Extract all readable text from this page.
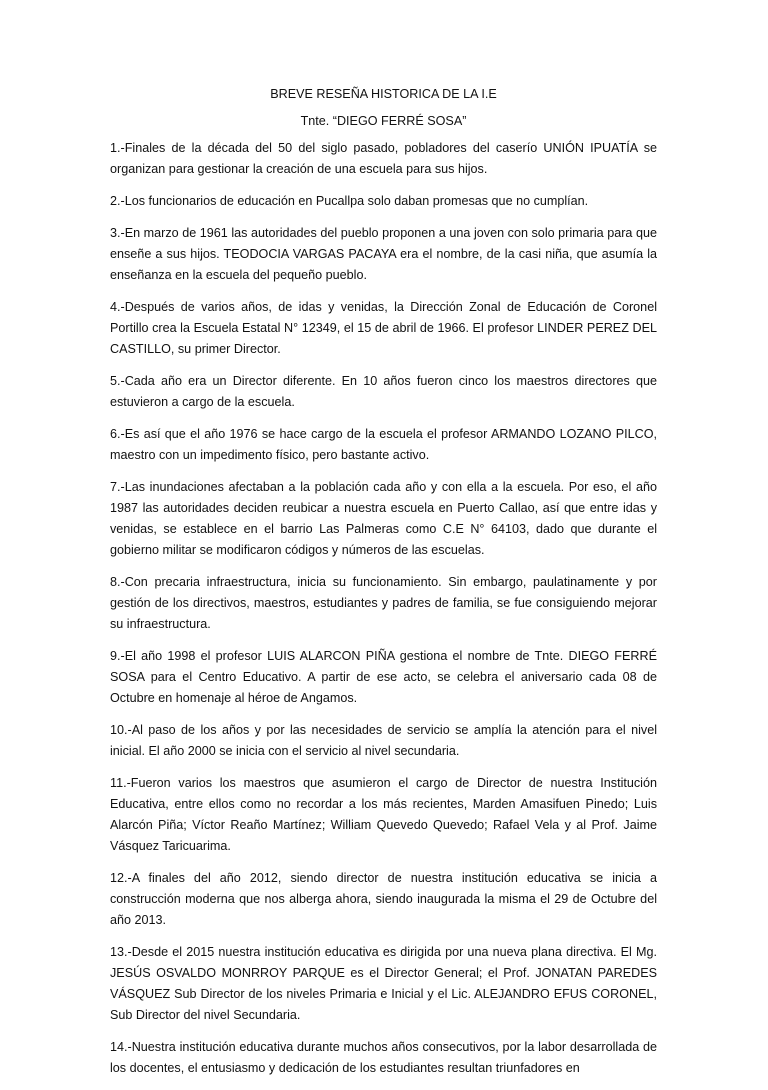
BREVE RESEÑA HISTORICA DE LA I.E
Tnte. “DIEGO FERRÉ SOSA”

1.-Finales de la década del 50 del siglo pasado, pobladores del caserío UNIÓN IPUATÍA se organizan para gestionar la creación de una escuela para sus hijos.

2.-Los funcionarios de educación en Pucallpa solo daban promesas que no cumplían.

3.-En marzo de 1961 las autoridades del pueblo proponen a una joven con solo primaria para que enseñe a sus hijos. TEODOCIA VARGAS PACAYA era el nombre, de la casi niña, que asumía la enseñanza en la escuela del pequeño pueblo.

4.-Después de varios años, de idas y venidas, la Dirección Zonal de Educación de Coronel Portillo crea la Escuela Estatal N° 12349, el 15 de abril de 1966. El profesor LINDER PEREZ DEL CASTILLO, su primer Director.

5.-Cada año era un Director diferente. En 10 años fueron cinco los maestros directores que estuvieron a cargo de la escuela.

6.-Es así que el año 1976 se hace cargo de la escuela el profesor ARMANDO LOZANO PILCO, maestro con un impedimento físico, pero bastante activo.

7.-Las inundaciones afectaban a la población cada año y con ella a la escuela. Por eso, el año 1987 las autoridades deciden reubicar a nuestra escuela en Puerto Callao, así que entre idas y venidas, se establece en el barrio Las Palmeras como C.E N° 64103, dado que durante el gobierno militar se modificaron códigos y números de las escuelas.

8.-Con precaria infraestructura, inicia su funcionamiento. Sin embargo, paulatinamente y por gestión de los directivos, maestros, estudiantes y padres de familia, se fue consiguiendo mejorar su infraestructura.

9.-El año 1998 el profesor LUIS ALARCON PIÑA gestiona el nombre de Tnte. DIEGO FERRÉ SOSA para el Centro Educativo. A partir de ese acto, se celebra el aniversario cada 08 de Octubre en homenaje al héroe de Angamos.

10.-Al paso de los años y por las necesidades de servicio se amplía la atención para el nivel inicial. El año 2000 se inicia con el servicio al nivel secundaria.

11.-Fueron varios los maestros que asumieron el cargo de Director de nuestra Institución Educativa, entre ellos como no recordar a los más recientes, Marden Amasifuen Pinedo; Luis Alarcón Piña; Víctor Reaño Martínez; William Quevedo Quevedo; Rafael Vela y al Prof. Jaime Vásquez Taricuarima.

12.-A finales del año 2012, siendo director de nuestra institución educativa se inicia a construcción moderna que nos alberga ahora, siendo inaugurada la misma el 29 de Octubre del año 2013.

13.-Desde el 2015 nuestra institución educativa es dirigida por una nueva plana directiva. El Mg. JESÚS OSVALDO MONRROY PARQUE es el Director General; el Prof. JONATAN PAREDES VÁSQUEZ Sub Director de los niveles Primaria e Inicial y el Lic. ALEJANDRO EFUS CORONEL, Sub Director del nivel Secundaria.

14.-Nuestra institución educativa durante muchos años consecutivos, por la labor desarrollada de los docentes, el entusiasmo y dedicación de los estudiantes resultan triunfadores en
